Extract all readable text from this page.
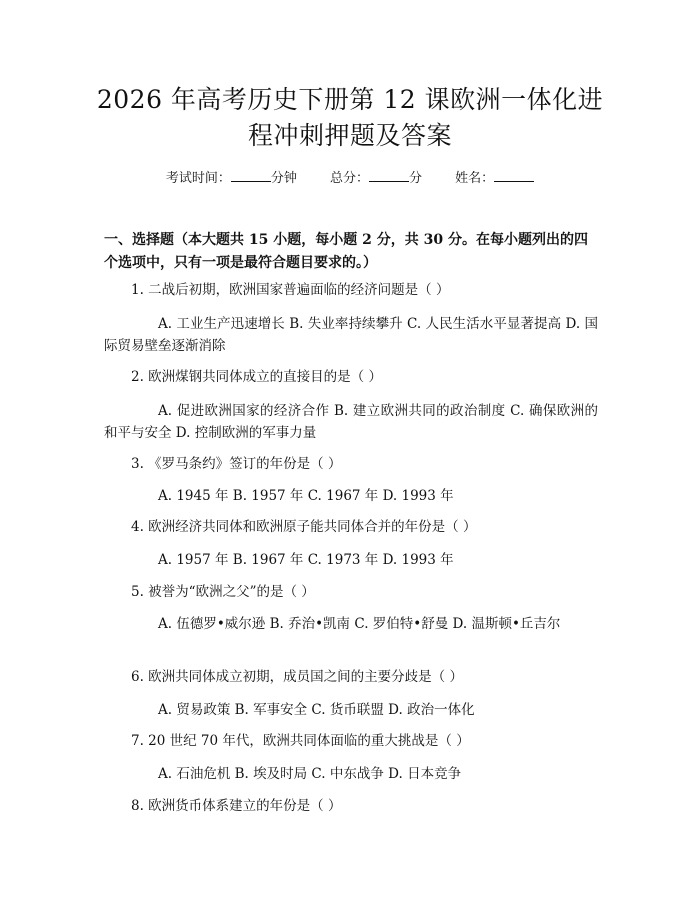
2026 年高考历史下册第 12 课欧洲一体化进
程冲刺押题及答案
考试时间：	分钟	总分：	分	姓名：
一、选择题（本大题共 15 小题，每小题 2 分，共 30 分。在每小题列出的四个选项中，只有一项是最符合题目要求的。）
1. 二战后初期，欧洲国家普遍面临的经济问题是（ ）
A. 工业生产迅速增长 B. 失业率持续攀升 C. 人民生活水平显著提高 D. 国际贸易壁垒逐渐消除
2. 欧洲煤钢共同体成立的直接目的是（ ）
A. 促进欧洲国家的经济合作 B. 建立欧洲共同的政治制度 C. 确保欧洲的和平与安全 D. 控制欧洲的军事力量
3. 《罗马条约》签订的年份是（ ）
A. 1945 年 B. 1957 年 C. 1967 年 D. 1993 年
4. 欧洲经济共同体和欧洲原子能共同体合并的年份是（ ）
A. 1957 年 B. 1967 年 C. 1973 年 D. 1993 年
5. 被誉为“欧洲之父”的是（ ）
A. 伍德罗•威尔逊 B. 乔治•凯南 C. 罗伯特•舒曼 D. 温斯顿•丘吉尔
6. 欧洲共同体成立初期，成员国之间的主要分歧是（ ）
A. 贸易政策 B. 军事安全 C. 货币联盟 D. 政治一体化
7. 20 世纪 70 年代，欧洲共同体面临的重大挑战是（ ）
A. 石油危机 B. 埃及时局 C. 中东战争 D. 日本竞争
8. 欧洲货币体系建立的年份是（ ）
